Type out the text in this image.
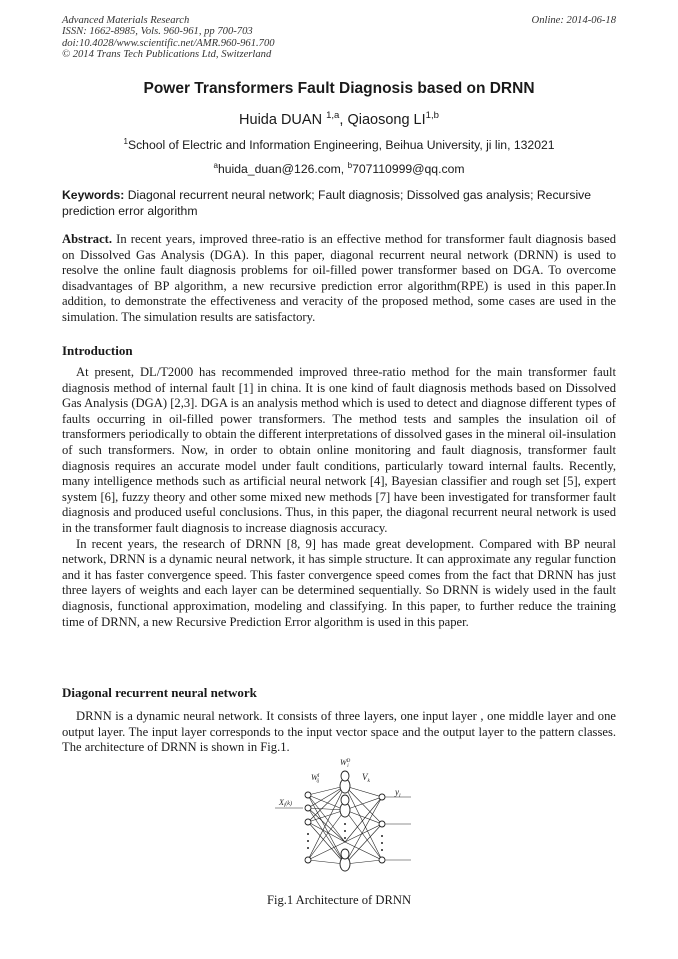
Advanced Materials Research
ISSN: 1662-8985, Vols. 960-961, pp 700-703
doi:10.4028/www.scientific.net/AMR.960-961.700
© 2014 Trans Tech Publications Ltd, Switzerland
Online: 2014-06-18
Power Transformers Fault Diagnosis based on DRNN
Huida DUAN $^{1,a}$, Qiaosong LI$^{1,b}$
$^1$School of Electric and Information Engineering, Beihua University, ji lin, 132021
$^a$huida_duan@126.com, $^b$707110999@qq.com
Keywords: Diagonal recurrent neural network; Fault diagnosis; Dissolved gas analysis; Recursive prediction error algorithm

Abstract. In recent years, improved three-ratio is an effective method for transformer fault diagnosis based on Dissolved Gas Analysis (DGA). In this paper, diagonal recurrent neural network (DRNN) is used to resolve the online fault diagnosis problems for oil-filled power transformer based on DGA. To overcome disadvantages of BP algorithm, a new recursive prediction error algorithm(RPE) is used in this paper.In addition, to demonstrate the effectiveness and veracity of the proposed method, some cases are used in the simulation. The simulation results are satisfactory.

Introduction

At present, DL/T2000 has recommended improved three-ratio method for the main transformer fault diagnosis method of internal fault [1] in china. It is one kind of fault diagnosis methods based on Dissolved Gas Analysis (DGA) [2,3]. DGA is an analysis method which is used to detect and diagnose different types of faults occurring in oil-filled power transformers. The method tests and samples the insulation oil of transformers periodically to obtain the different interpretations of dissolved gases in the mineral oil-insulation of such transformers. Now, in order to obtain online monitoring and fault diagnosis, transformer fault diagnosis requires an accurate model under fault conditions, particularly toward internal faults. Recently, many intelligence methods such as artificial neural network [4], Bayesian classifier and rough set [5], expert system [6], fuzzy theory and other some mixed new methods [7] have been investigated for transformer fault diagnosis and produced useful conclusions. Thus, in this paper, the diagonal recurrent neural network is used in the transformer fault diagnosis to increase diagnosis accuracy.

In recent years, the research of DRNN [8, 9] has made great development. Compared with BP neural network, DRNN is a dynamic neural network, it has simple structure. It can approximate any regular function and it has faster convergence speed. This faster convergence speed comes from the fact that DRNN has just three layers of weights and each layer can be determined sequentially. So DRNN is widely used in the fault diagnosis, functional approximation, modeling and classifying. In this paper, to further reduce the training time of DRNN, a new Recursive Prediction Error algorithm is used in this paper.

Diagonal recurrent neural network

DRNN is a dynamic neural network. It consists of three layers, one input layer , one middle layer and one output layer. The input layer corresponds to the input vector space and the output layer to the pattern classes. The architecture of DRNN is shown in Fig.1.

$W^D$ i
$W^I$ ij	$V_k$
$X_i^{(k)}$
$y_l$
Fig.1 Architecture of DRNN
